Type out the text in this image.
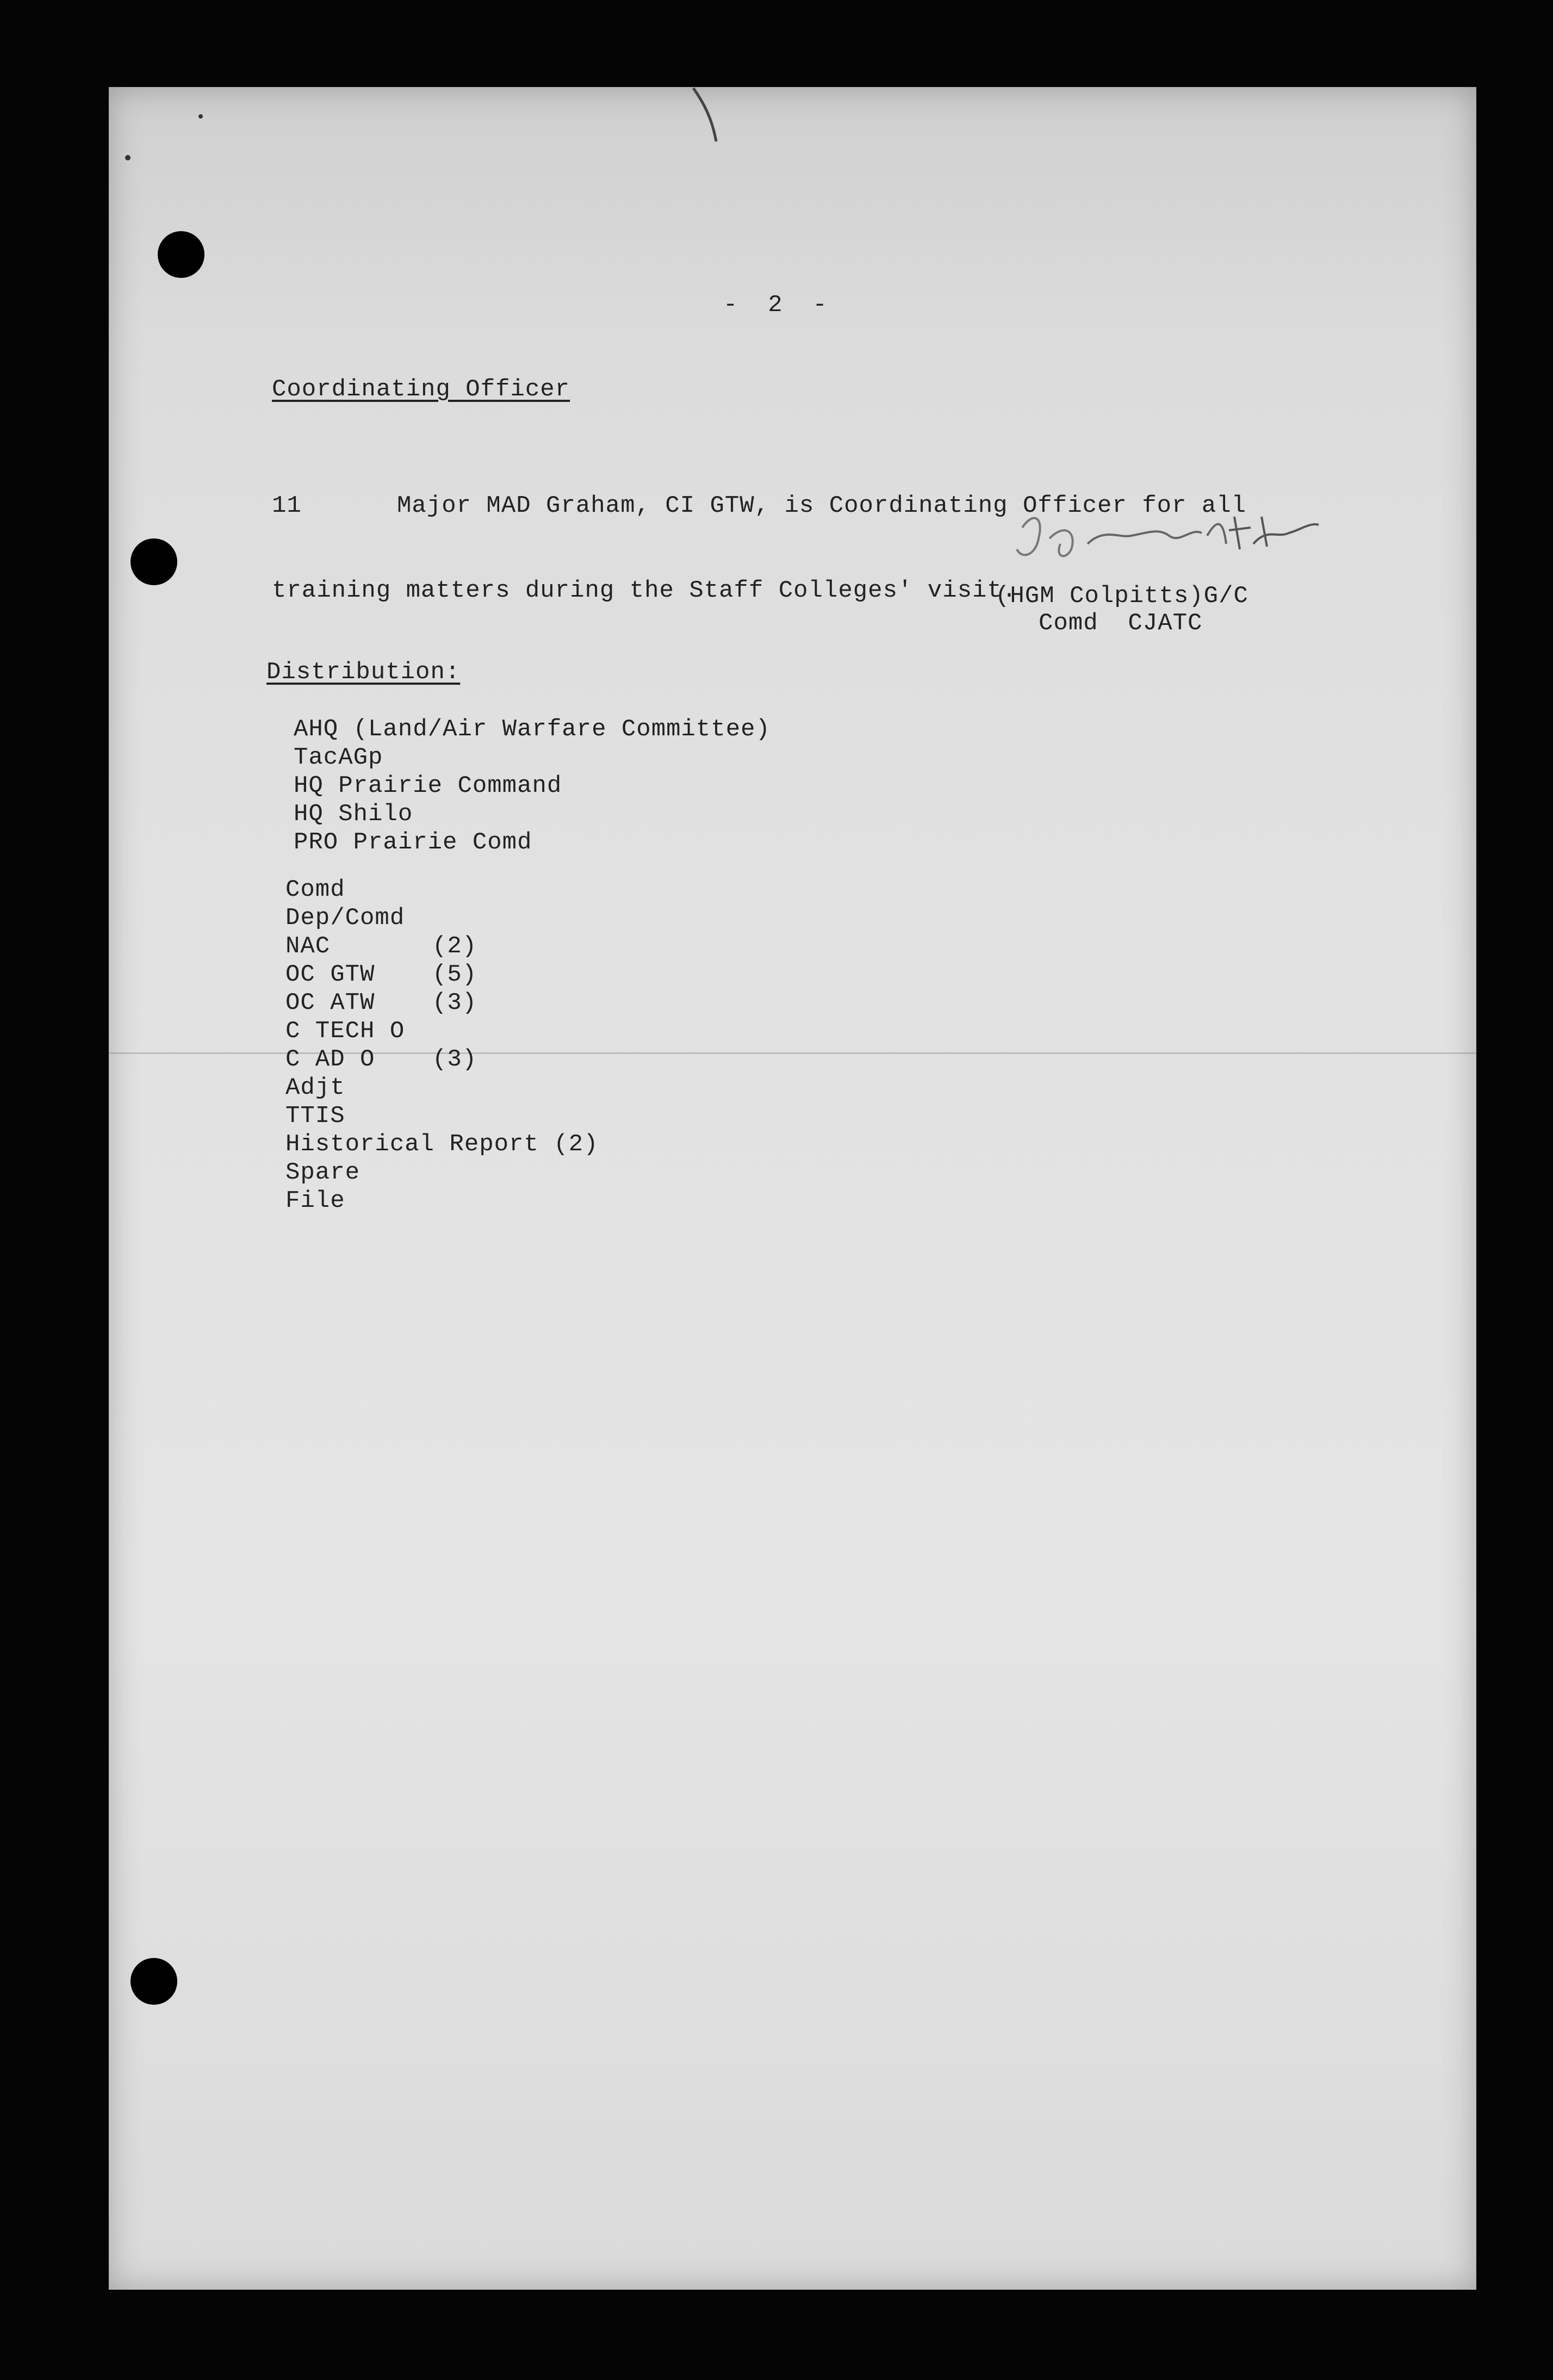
-  2  -
Coordinating Officer

11	Major MAD Graham, CI GTW, is Coordinating Officer for all

training matters during the Staff Colleges' visit.

(HGM Colpitts)G/C
Comd  CJATC
Distribution:
AHQ (Land/Air Warfare Committee)
TacAGp
HQ Prairie Command
HQ Shilo
PRO Prairie Comd
Comd
Dep/Comd
NAC	(2)
OC GTW (5)
OC ATW (3)
C TECH O
C AD O (3)
Adjt
TTIS
Historical Report (2)
Spare
File
